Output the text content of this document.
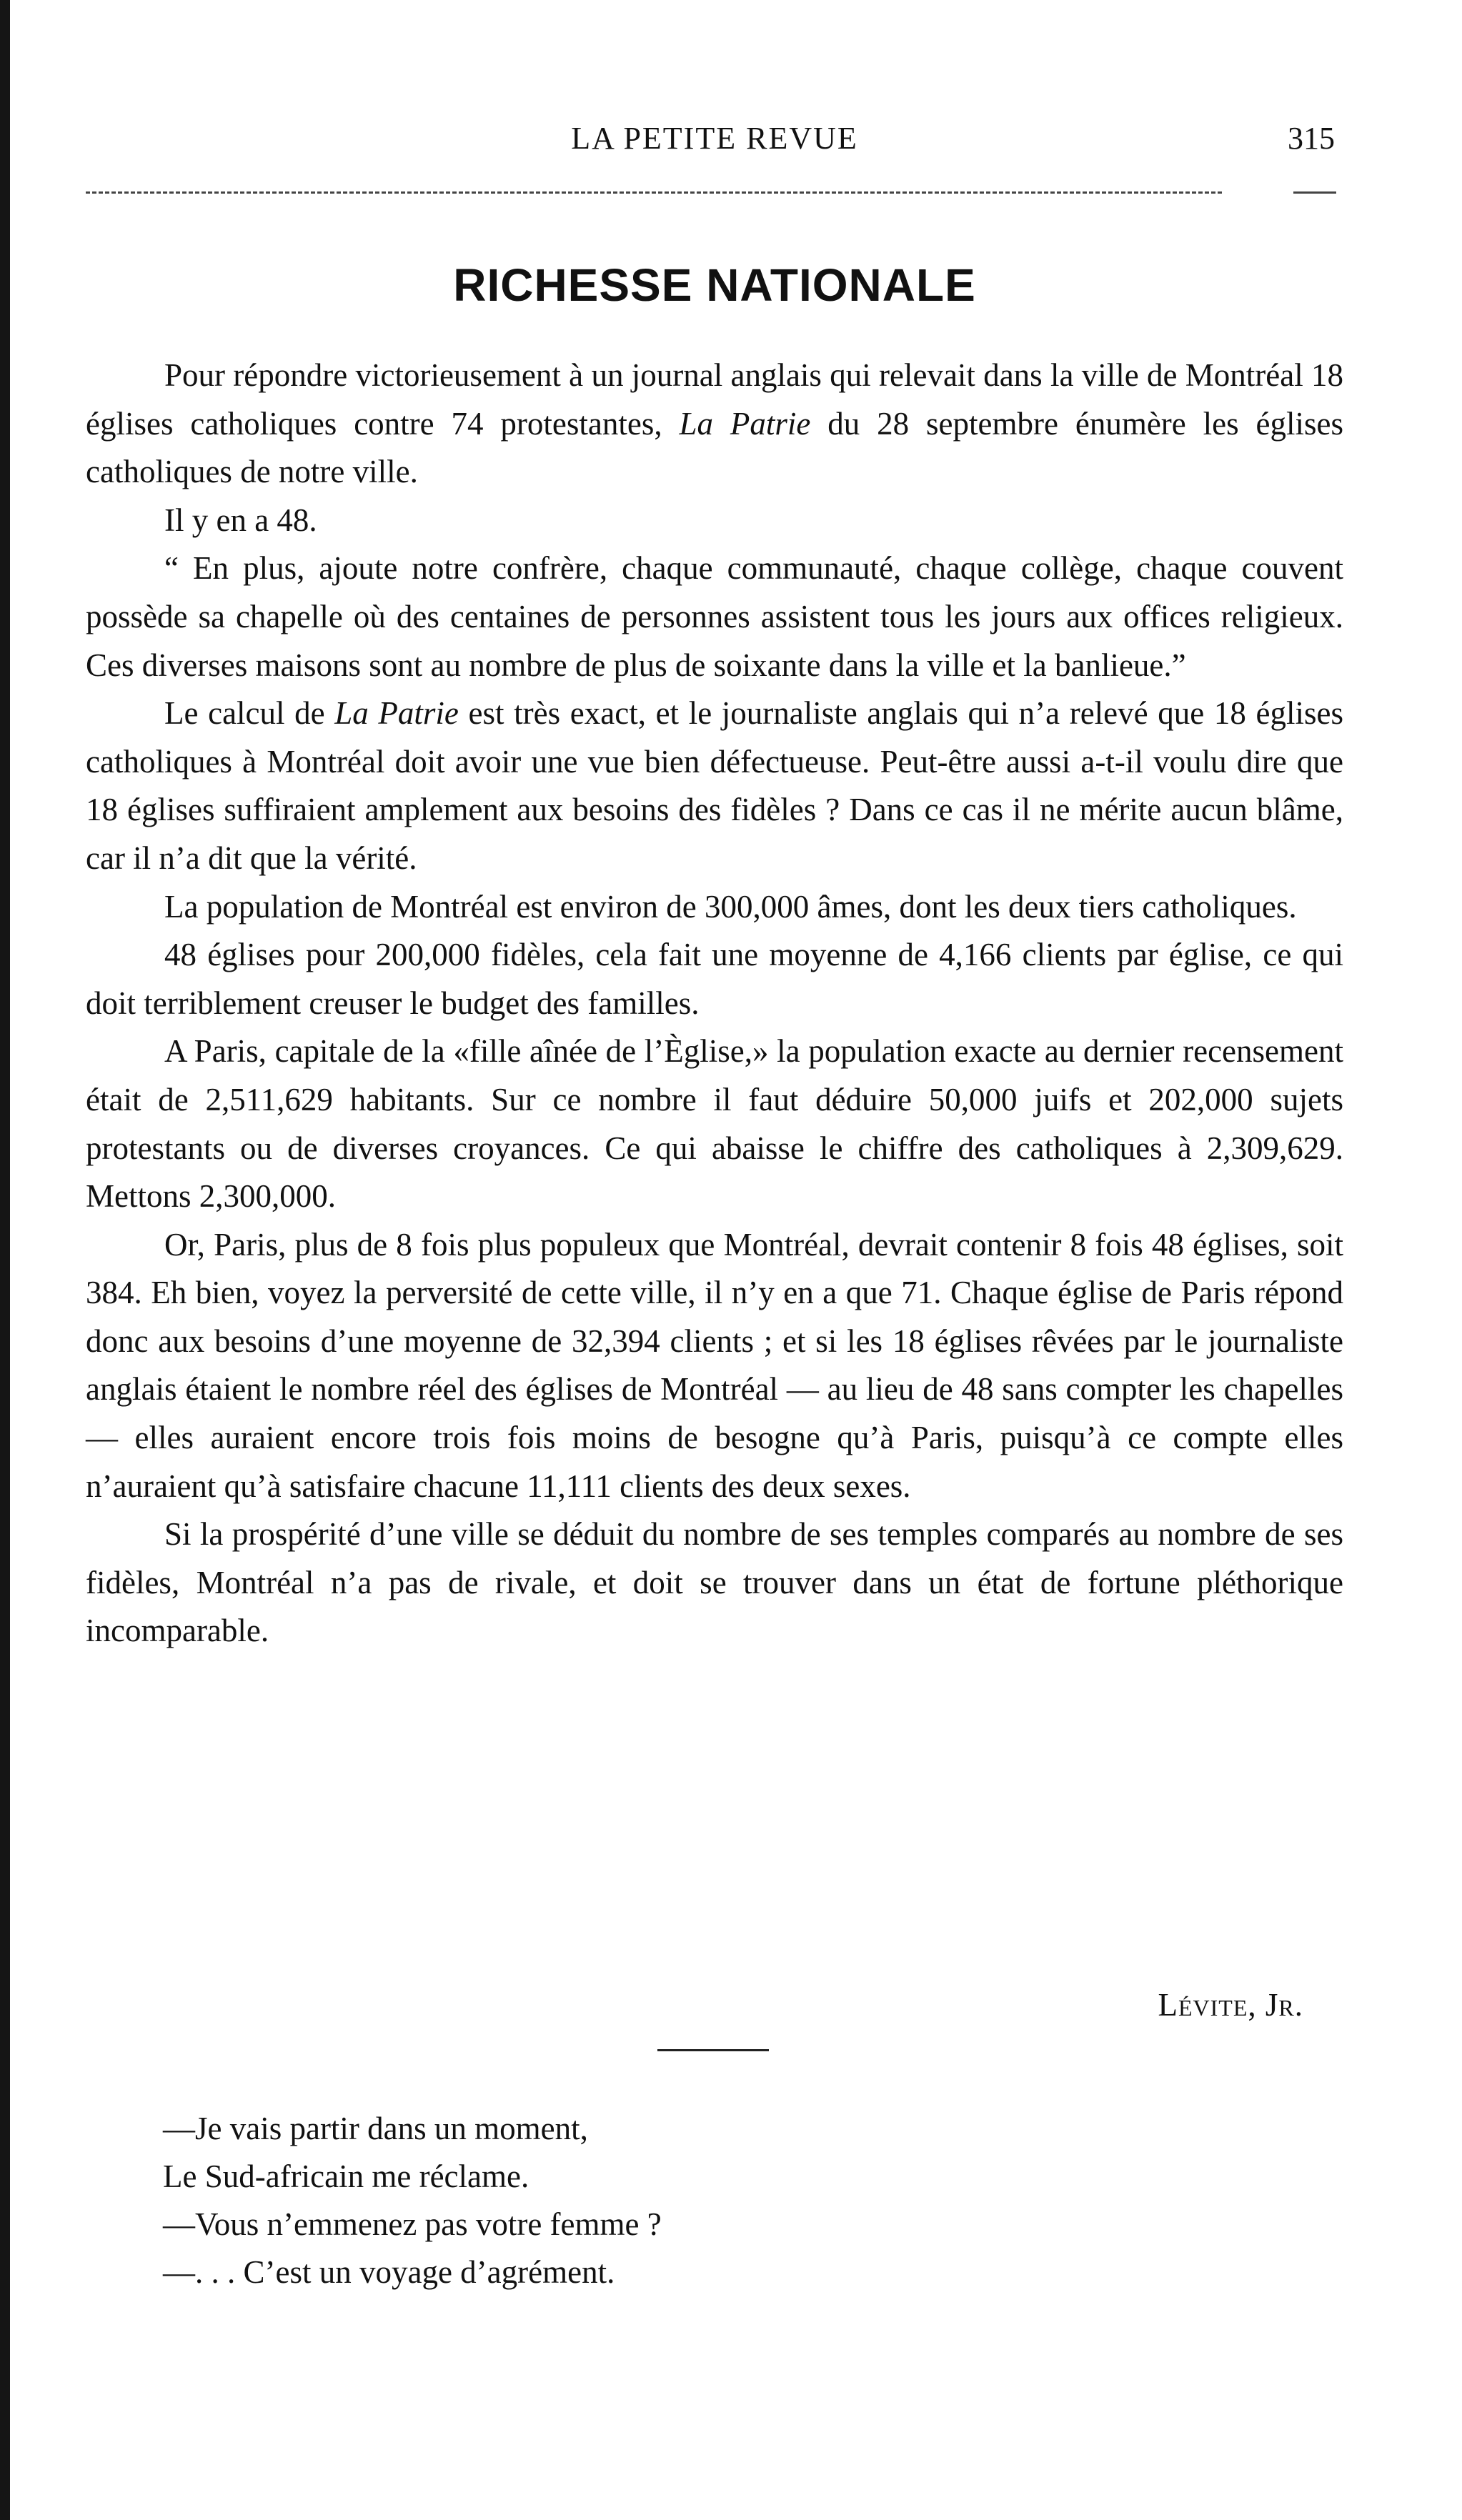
LA PETITE REVUE	315
RICHESSE NATIONALE

Pour répondre victorieusement à un journal anglais qui relevait dans la ville de Montréal 18 églises catholiques contre 74 protestantes, La Patrie du 28 septembre énumère les églises catholiques de notre ville.

Il y en a 48.

“ En plus, ajoute notre confrère, chaque communauté, chaque collège, chaque couvent possède sa chapelle où des centaines de personnes assistent tous les jours aux offices religieux. Ces diverses maisons sont au nombre de plus de soixante dans la ville et la banlieue.”

Le calcul de La Patrie est très exact, et le journaliste anglais qui n’a relevé que 18 églises catholiques à Montréal doit avoir une vue bien défectueuse. Peut-être aussi a-t-il voulu dire que 18 églises suffiraient amplement aux besoins des fidèles ? Dans ce cas il ne mérite aucun blâme, car il n’a dit que la vérité.

La population de Montréal est environ de 300,000 âmes, dont les deux tiers catholiques.

48 églises pour 200,000 fidèles, cela fait une moyenne de 4,166 clients par église, ce qui doit terriblement creuser le budget des familles.

A Paris, capitale de la «fille aînée de l’Èglise,» la population exacte au dernier recensement était de 2,511,629 habitants. Sur ce nombre il faut déduire 50,000 juifs et 202,000 sujets protestants ou de diverses croyances. Ce qui abaisse le chiffre des catholiques à 2,309,629. Mettons 2,300,000.

Or, Paris, plus de 8 fois plus populeux que Montréal, devrait contenir 8 fois 48 églises, soit 384. Eh bien, voyez la perversité de cette ville, il n’y en a que 71. Chaque église de Paris répond donc aux besoins d’une moyenne de 32,394 clients ; et si les 18 églises rêvées par le journaliste anglais étaient le nombre réel des églises de Montréal — au lieu de 48 sans compter les chapelles — elles auraient encore trois fois moins de besogne qu’à Paris, puisqu’à ce compte elles n’auraient qu’à satisfaire chacune 11,111 clients des deux sexes.

Si la prospérité d’une ville se déduit du nombre de ses temples comparés au nombre de ses fidèles, Montréal n’a pas de rivale, et doit se trouver dans un état de fortune pléthorique incomparable.

Lévite, Jr.
—Je vais partir dans un moment,
Le Sud-africain me réclame.
—Vous n’emmenez pas votre femme ?
—. . . C’est un voyage d’agrément.
